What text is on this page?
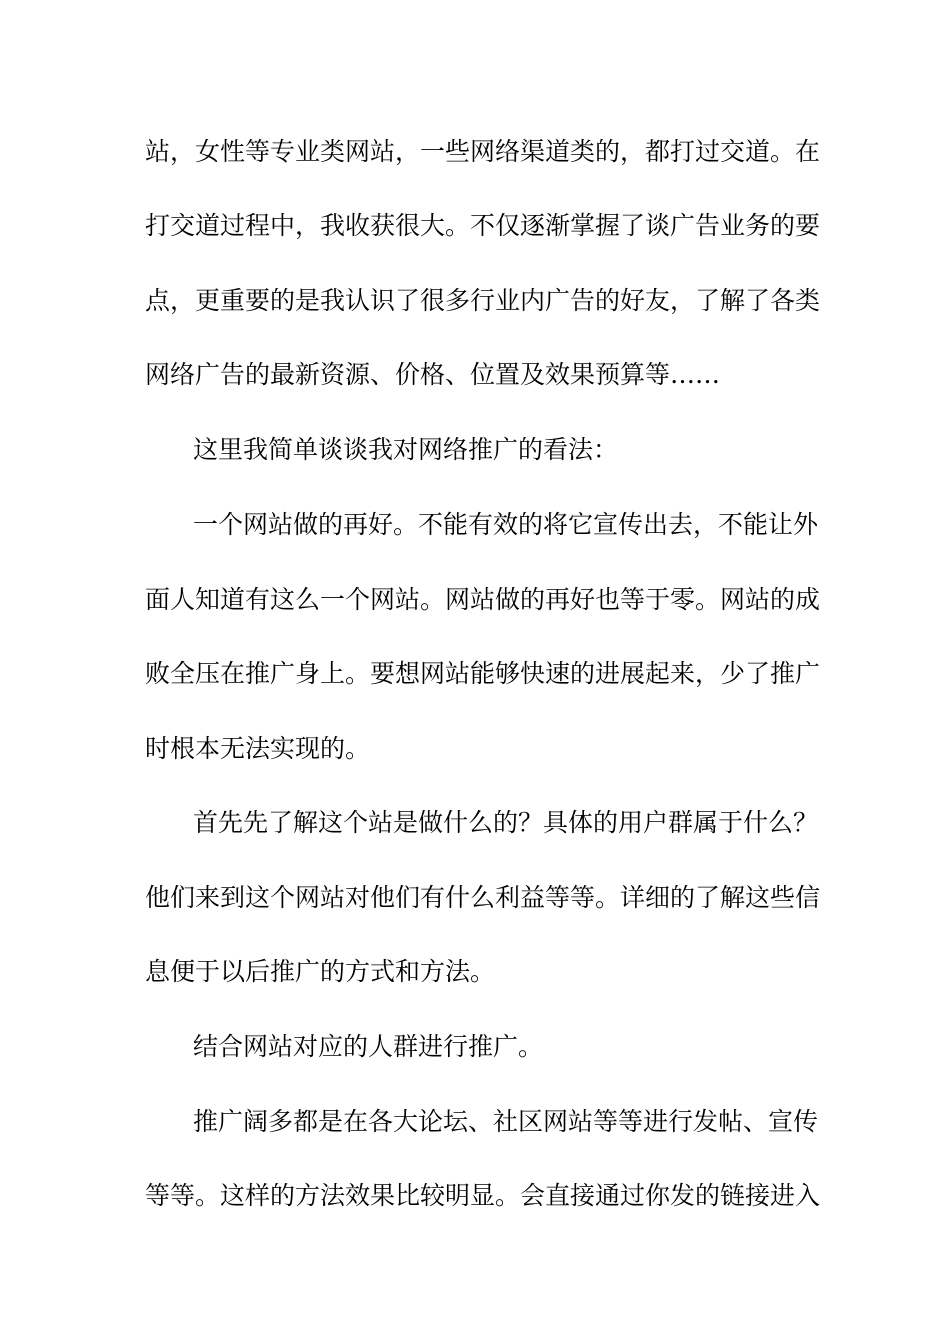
站，女性等专业类网站，一些网络渠道类的，都打过交道。在
打交道过程中，我收获很大。不仅逐渐掌握了谈广告业务的要
点，更重要的是我认识了很多行业内广告的好友，了解了各类
网络广告的最新资源、价格、位置及效果预算等……
这里我简单谈谈我对网络推广的看法：
一个网站做的再好。不能有效的将它宣传出去，不能让外
面人知道有这么一个网站。网站做的再好也等于零。网站的成
败全压在推广身上。要想网站能够快速的进展起来，少了推广
时根本无法实现的。
首先先了解这个站是做什么的？具体的用户群属于什么？
他们来到这个网站对他们有什么利益等等。详细的了解这些信
息便于以后推广的方式和方法。
结合网站对应的人群进行推广。
推广阔多都是在各大论坛、社区网站等等进行发帖、宣传
等等。这样的方法效果比较明显。会直接通过你发的链接进入
